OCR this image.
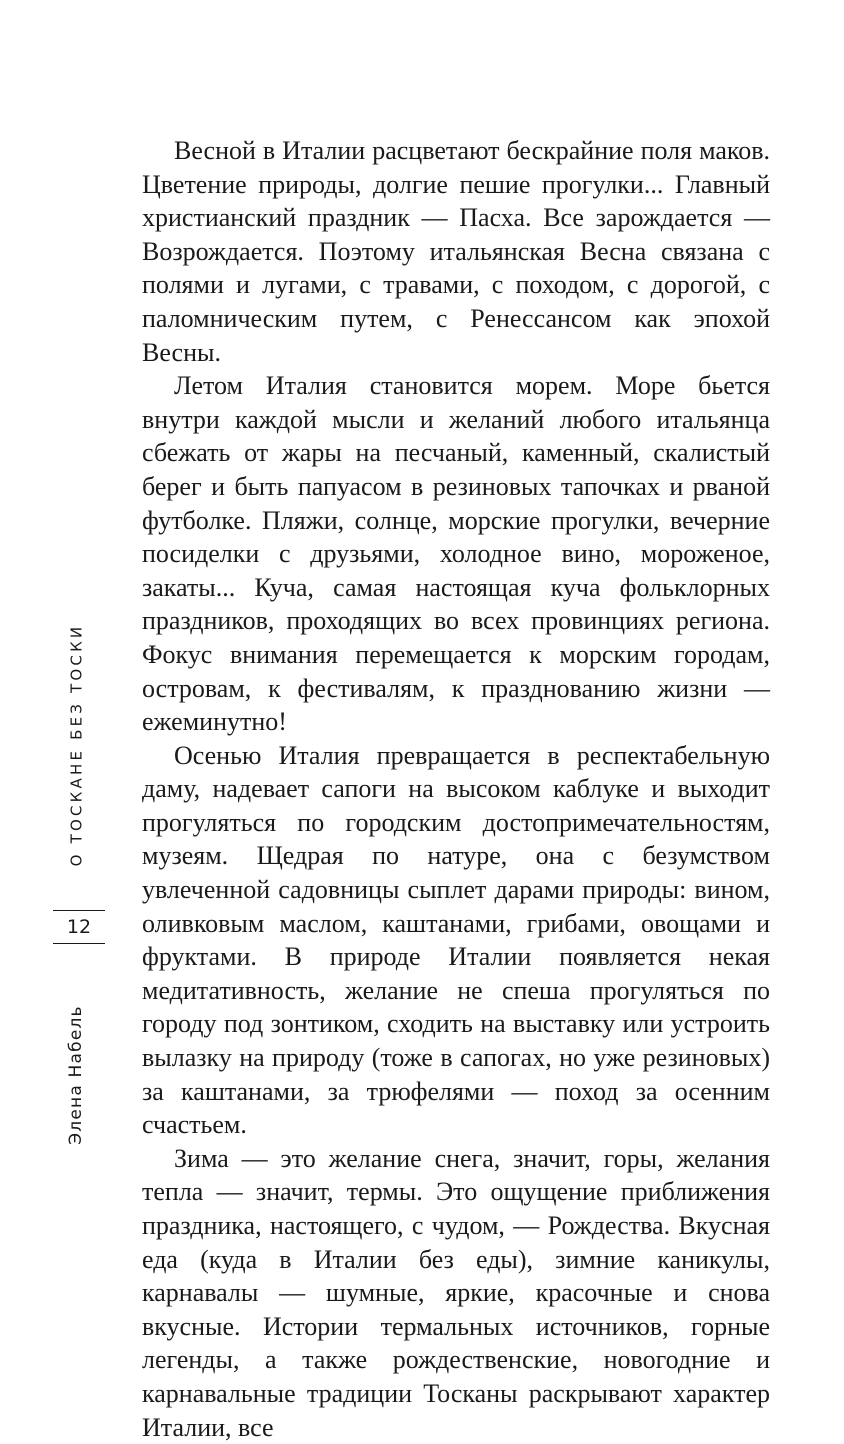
О ТОСКАНЕ БЕЗ ТОСКИ
12
Элена Набель

Весной в Италии расцветают бескрайние поля маков. Цветение природы, долгие пешие прогулки... Главный христианский праздник — Пасха. Все зарождается — Возрождается. Поэтому итальянская Весна связана с полями и лугами, с травами, с походом, с дорогой, с паломническим путем, с Ренессансом как эпохой Весны.

Летом Италия становится морем. Море бьется внутри каждой мысли и желаний любого итальянца сбежать от жары на песчаный, каменный, скалистый берег и быть папуасом в резиновых тапочках и рваной футболке. Пляжи, солнце, морские прогулки, вечерние посиделки с друзьями, холодное вино, мороженое, закаты... Куча, самая настоящая куча фольклорных праздников, проходящих во всех провинциях региона. Фокус внимания перемещается к морским городам, островам, к фестивалям, к празднованию жизни — ежеминутно!

Осенью Италия превращается в респектабельную даму, надевает сапоги на высоком каблуке и выходит прогуляться по городским достопримечательностям, музеям. Щедрая по натуре, она с безумством увлеченной садовницы сыплет дарами природы: вином, оливковым маслом, каштанами, грибами, овощами и фруктами. В природе Италии появляется некая медитативность, желание не спеша прогуляться по городу под зонтиком, сходить на выставку или устроить вылазку на природу (тоже в сапогах, но уже резиновых) за каштанами, за трюфелями — поход за осенним счастьем.

Зима — это желание снега, значит, горы, желания тепла — значит, термы. Это ощущение приближения праздника, настоящего, с чудом, — Рождества. Вкусная еда (куда в Италии без еды), зимние каникулы, карнавалы — шумные, яркие, красочные и снова вкусные. Истории термальных источников, горные легенды, а также рождественские, новогодние и карнавальные традиции Тосканы раскрывают характер Италии, все
